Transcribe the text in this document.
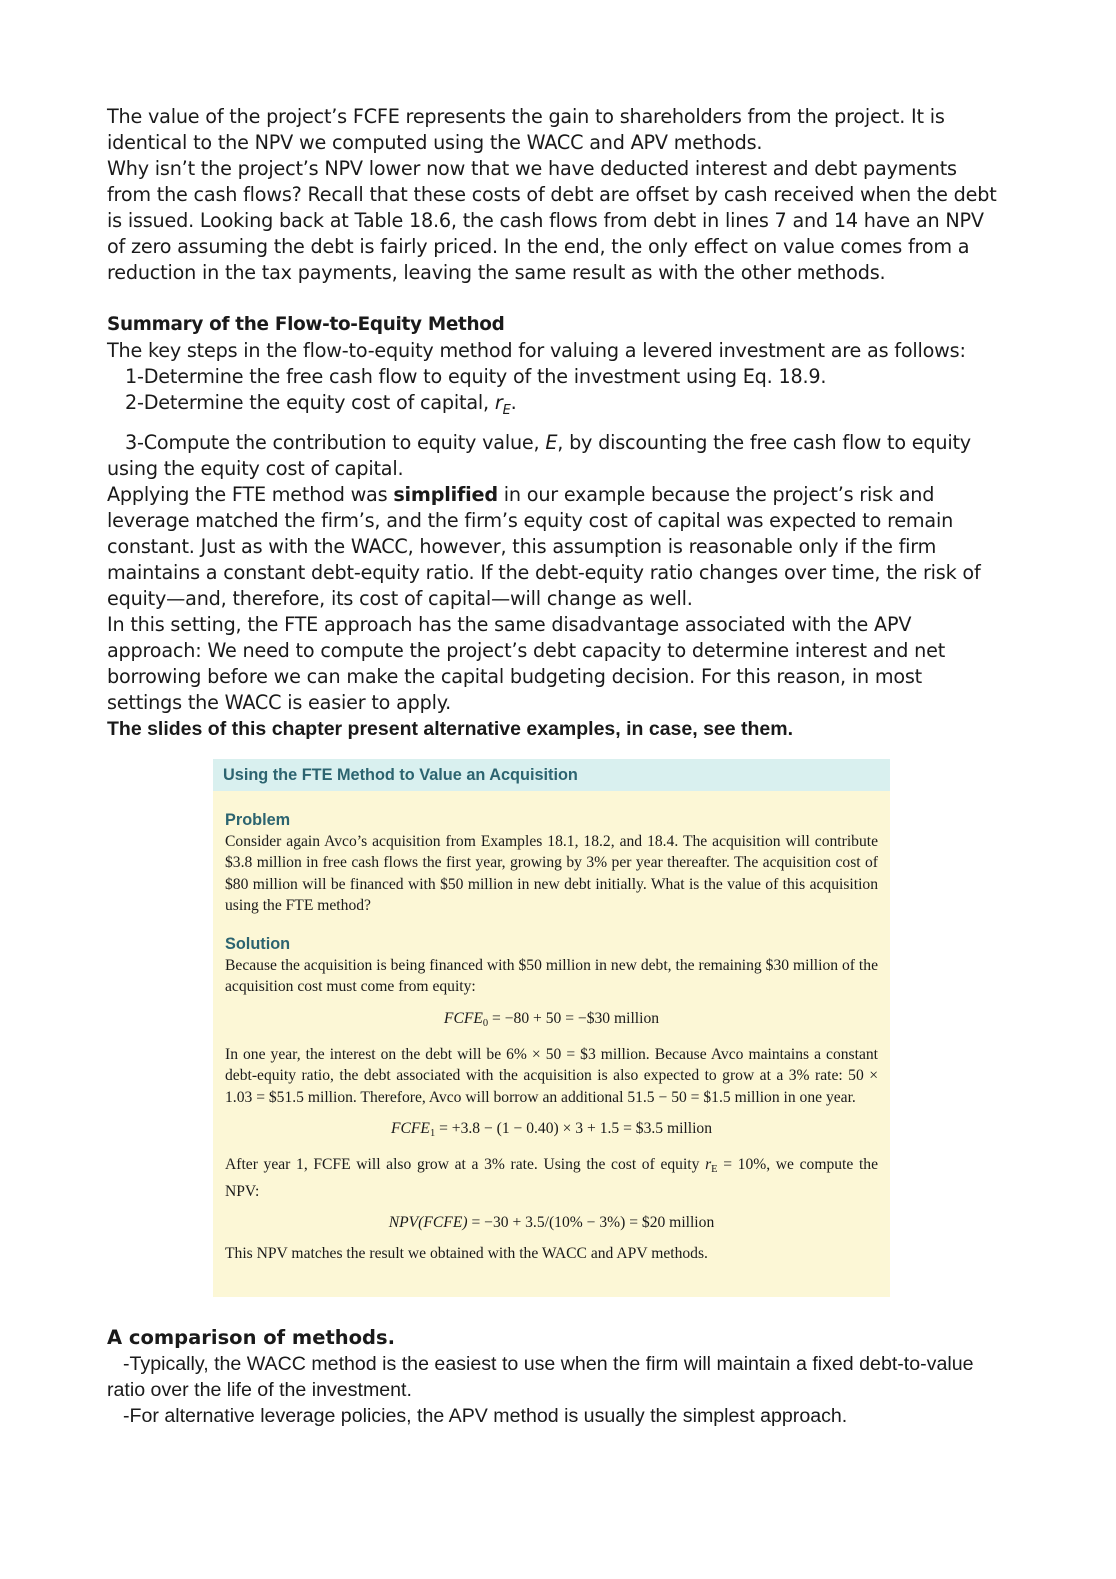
The value of the project’s FCFE represents the gain to shareholders from the project. It is identical to the NPV we computed using the WACC and APV methods.

Why isn’t the project’s NPV lower now that we have deducted interest and debt payments from the cash flows? Recall that these costs of debt are offset by cash received when the debt is issued. Looking back at Table 18.6, the cash flows from debt in lines 7 and 14 have an NPV of zero assuming the debt is fairly priced. In the end, the only effect on value comes from a reduction in the tax payments, leaving the same result as with the other methods.

Summary of the Flow-to-Equity Method

The key steps in the flow-to-equity method for valuing a levered investment are as follows:

1-Determine the free cash flow to equity of the investment using Eq. 18.9.

2-Determine the equity cost of capital, $r_E$.

3-Compute the contribution to equity value, E, by discounting the free cash flow to equity using the equity cost of capital.

Applying the FTE method was simplified in our example because the project’s risk and leverage matched the firm’s, and the firm’s equity cost of capital was expected to remain constant. Just as with the WACC, however, this assumption is reasonable only if the firm maintains a constant debt-equity ratio. If the debt-equity ratio changes over time, the risk of equity—and, therefore, its cost of capital—will change as well.

In this setting, the FTE approach has the same disadvantage associated with the APV approach: We need to compute the project’s debt capacity to determine interest and net borrowing before we can make the capital budgeting decision. For this reason, in most settings the WACC is easier to apply.

The slides of this chapter present alternative examples, in case, see them.

Using the FTE Method to Value an Acquisition
Problem

Consider again Avco’s acquisition from Examples 18.1, 18.2, and 18.4. The acquisition will contribute $3.8 million in free cash flows the first year, growing by 3% per year thereafter. The acquisition cost of $80 million will be financed with $50 million in new debt initially. What is the value of this acquisition using the FTE method?

Solution

Because the acquisition is being financed with $50 million in new debt, the remaining $30 million of the acquisition cost must come from equity:

FCFE0 = −80 + 50 = −$30 million

In one year, the interest on the debt will be 6% × 50 = $3 million. Because Avco maintains a constant debt-equity ratio, the debt associated with the acquisition is also expected to grow at a 3% rate: 50 × 1.03 = $51.5 million. Therefore, Avco will borrow an additional 51.5 − 50 = $1.5 million in one year.

FCFE1 = +3.8 − (1 − 0.40) × 3 + 1.5 = $3.5 million

After year 1, FCFE will also grow at a 3% rate. Using the cost of equity rE = 10%, we compute the NPV:

NPV(FCFE) = −30 + 3.5/(10% − 3%) = $20 million

This NPV matches the result we obtained with the WACC and APV methods.

A comparison of methods.

-Typically, the WACC method is the easiest to use when the firm will maintain a fixed debt-to-value ratio over the life of the investment.

-For alternative leverage policies, the APV method is usually the simplest approach.
